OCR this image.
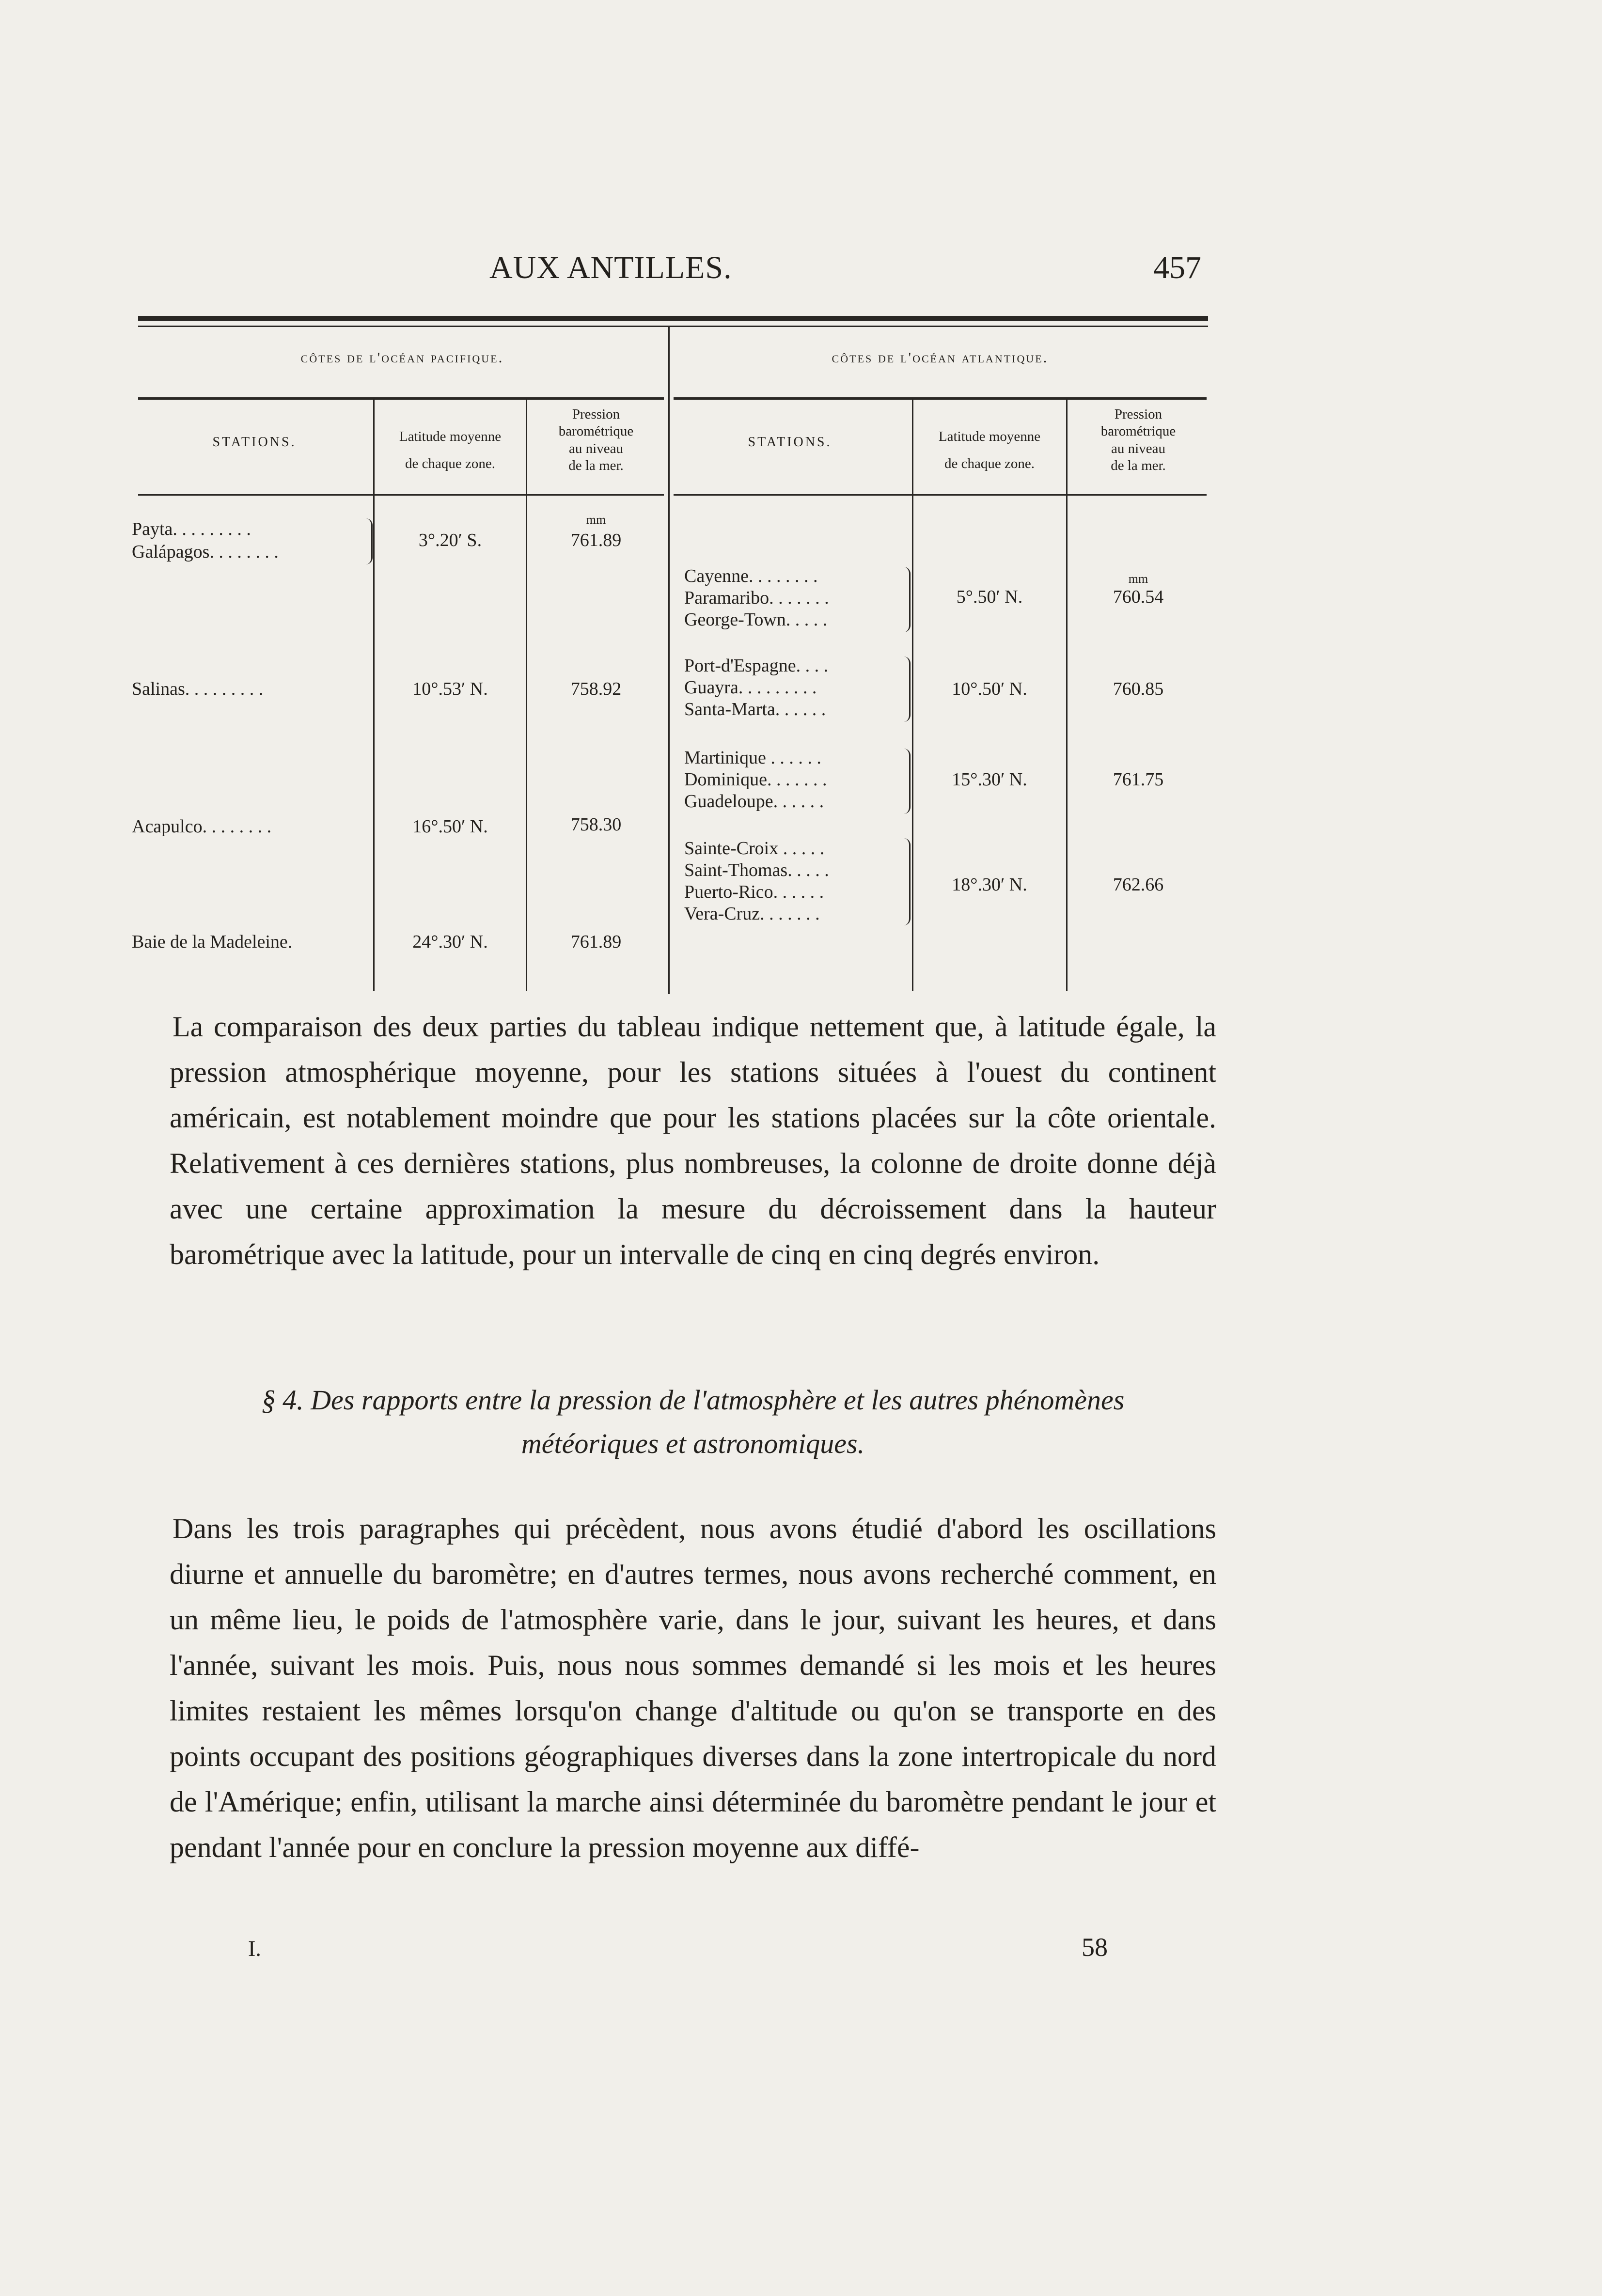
AUX ANTILLES.	457
côtes de l'océan pacifique.	côtes de l'océan atlantique.
STATIONS.	Latitude moyenne
de chaque zone.
Pression
barométrique
au niveau
de la mer.
STATIONS.	Latitude moyenne
de chaque zone.
Pression
barométrique
au niveau
de la mer.
mm
Payta. . . . . . . . .
Galápagos. . . . . . . .
3°.20′ S.	761.89
Salinas. . . . . . . . .	10°.53′ N.	758.92
Acapulco. . . . . . . .	16°.50′ N.	758.30
Baie de la Madeleine.	24°.30′ N.	761.89
mm
Cayenne. . . . . . . .
Paramaribo. . . . . . .
George-Town. . . . .
5°.50′ N.	760.54
Port-d'Espagne. . . .
Guayra. . . . . . . . .
Santa-Marta. . . . . .
10°.50′ N.	760.85
Martinique . . . . . .
Dominique. . . . . . .
Guadeloupe. . . . . .
15°.30′ N.	761.75
Sainte-Croix . . . . .
Saint-Thomas. . . . .
Puerto-Rico. . . . . .
Vera-Cruz. . . . . . .
18°.30′ N.	762.66
La comparaison des deux parties du tableau indique nettement que, à latitude égale, la pression atmosphérique moyenne, pour les stations situées à l'ouest du continent américain, est notablement moindre que pour les stations placées sur la côte orientale. Relativement à ces dernières stations, plus nombreuses, la colonne de droite donne déjà avec une certaine approximation la mesure du décroissement dans la hauteur barométrique avec la latitude, pour un intervalle de cinq en cinq degrés environ.
§ 4. Des rapports entre la pression de l'atmosphère et les autres phénomènes
météoriques et astronomiques.
Dans les trois paragraphes qui précèdent, nous avons étudié d'abord les oscillations diurne et annuelle du baromètre; en d'autres termes, nous avons recherché comment, en un même lieu, le poids de l'atmosphère varie, dans le jour, suivant les heures, et dans l'année, suivant les mois. Puis, nous nous sommes demandé si les mois et les heures limites restaient les mêmes lorsqu'on change d'altitude ou qu'on se transporte en des points occupant des positions géographiques diverses dans la zone intertropicale du nord de l'Amérique; enfin, utilisant la marche ainsi déterminée du baromètre pendant le jour et pendant l'année pour en conclure la pression moyenne aux diffé-
I.	58
